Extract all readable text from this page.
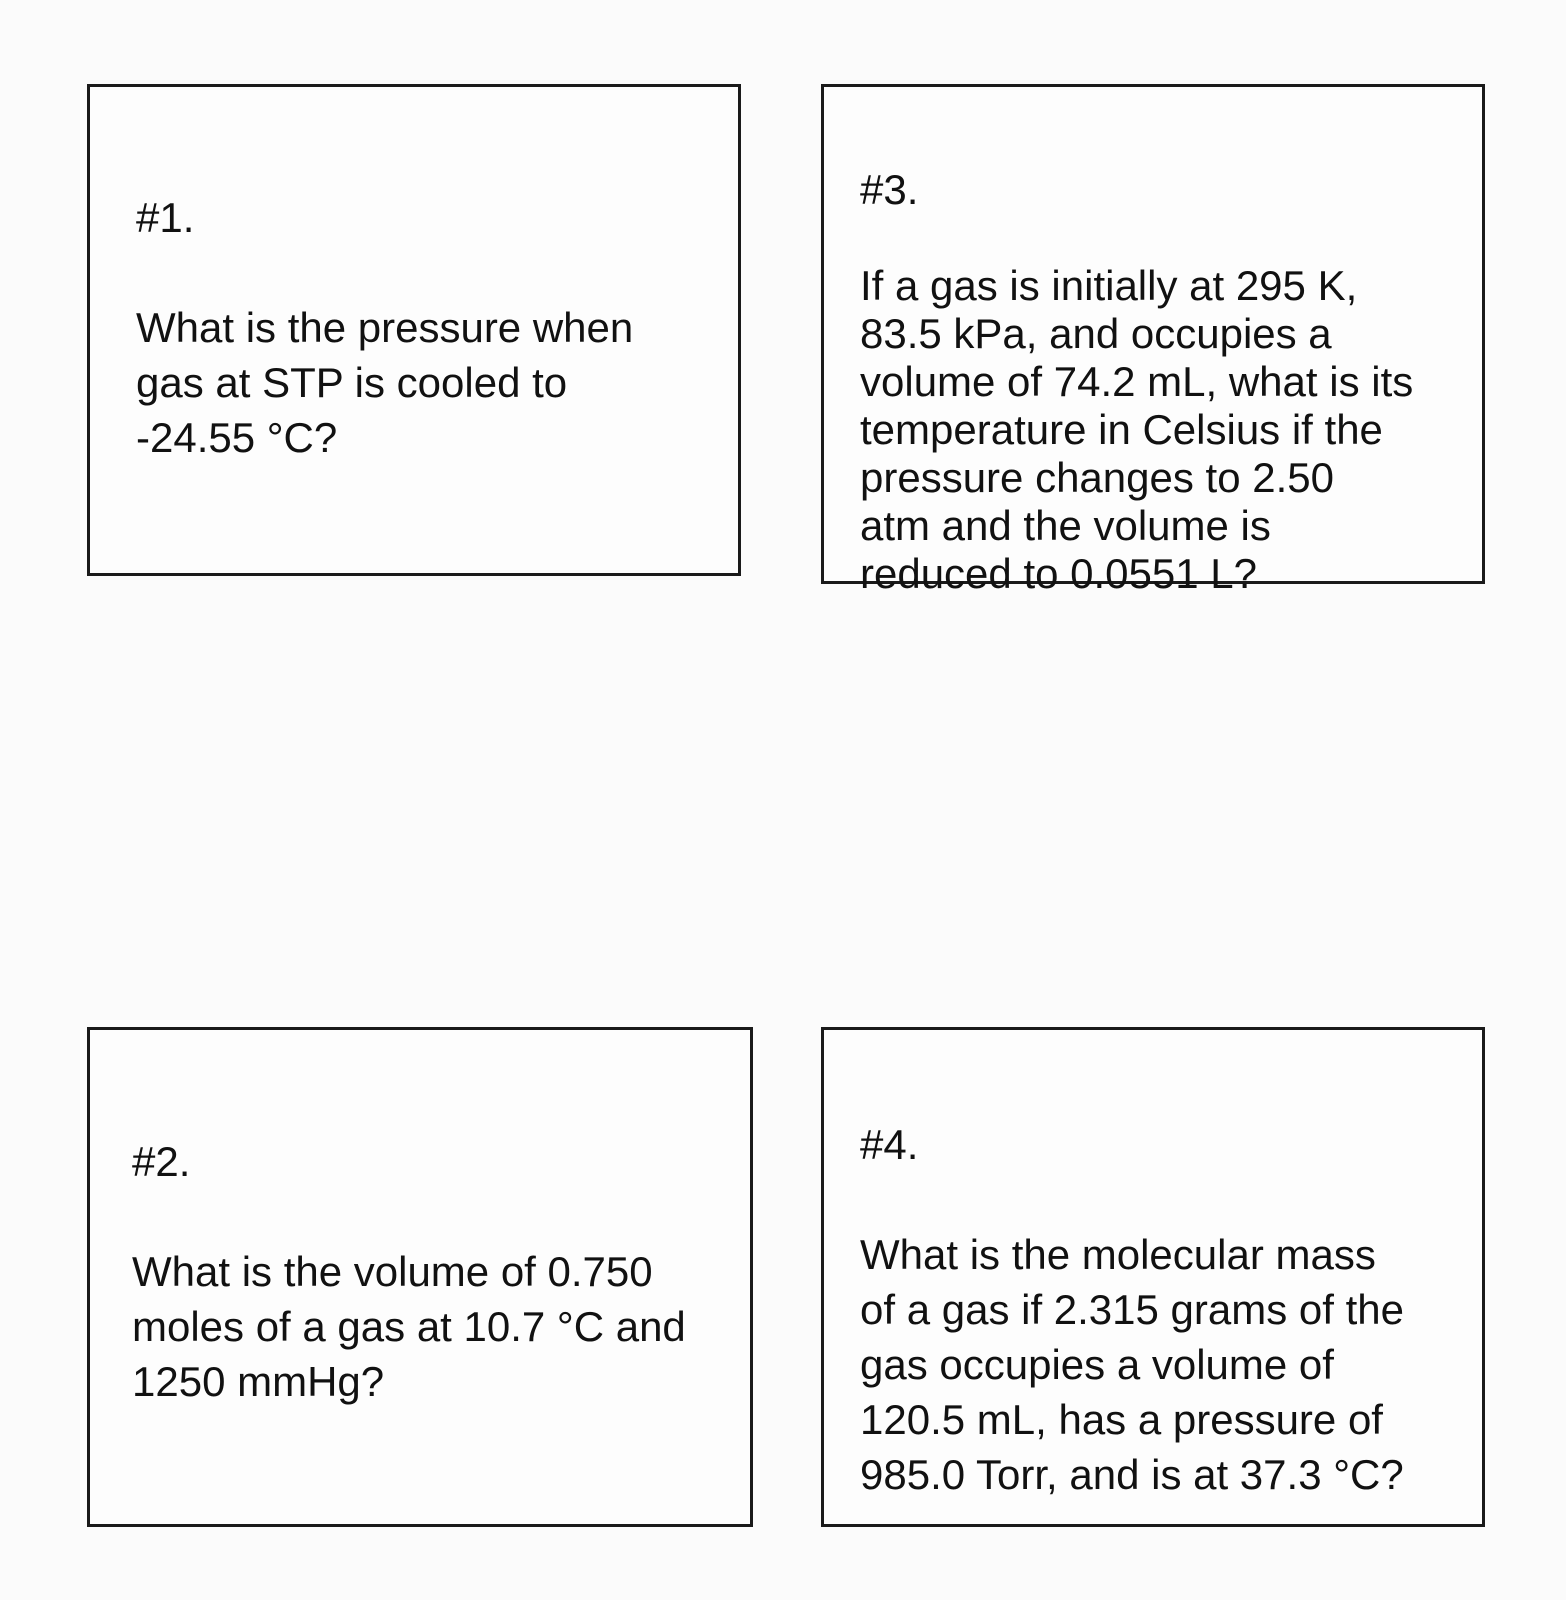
#1.

What is the pressure when
gas at STP is cooled to
-24.55 °C?

#3.

If a gas is initially at 295 K,
83.5 kPa, and occupies a
volume of 74.2 mL, what is its
temperature in Celsius if the
pressure changes to 2.50
atm and the volume is
reduced to 0.0551 L?

#2.

What is the volume of 0.750
moles of a gas at 10.7 °C and
1250 mmHg?

#4.

What is the molecular mass
of a gas if 2.315 grams of the
gas occupies a volume of
120.5 mL, has a pressure of
985.0 Torr, and is at 37.3 °C?
